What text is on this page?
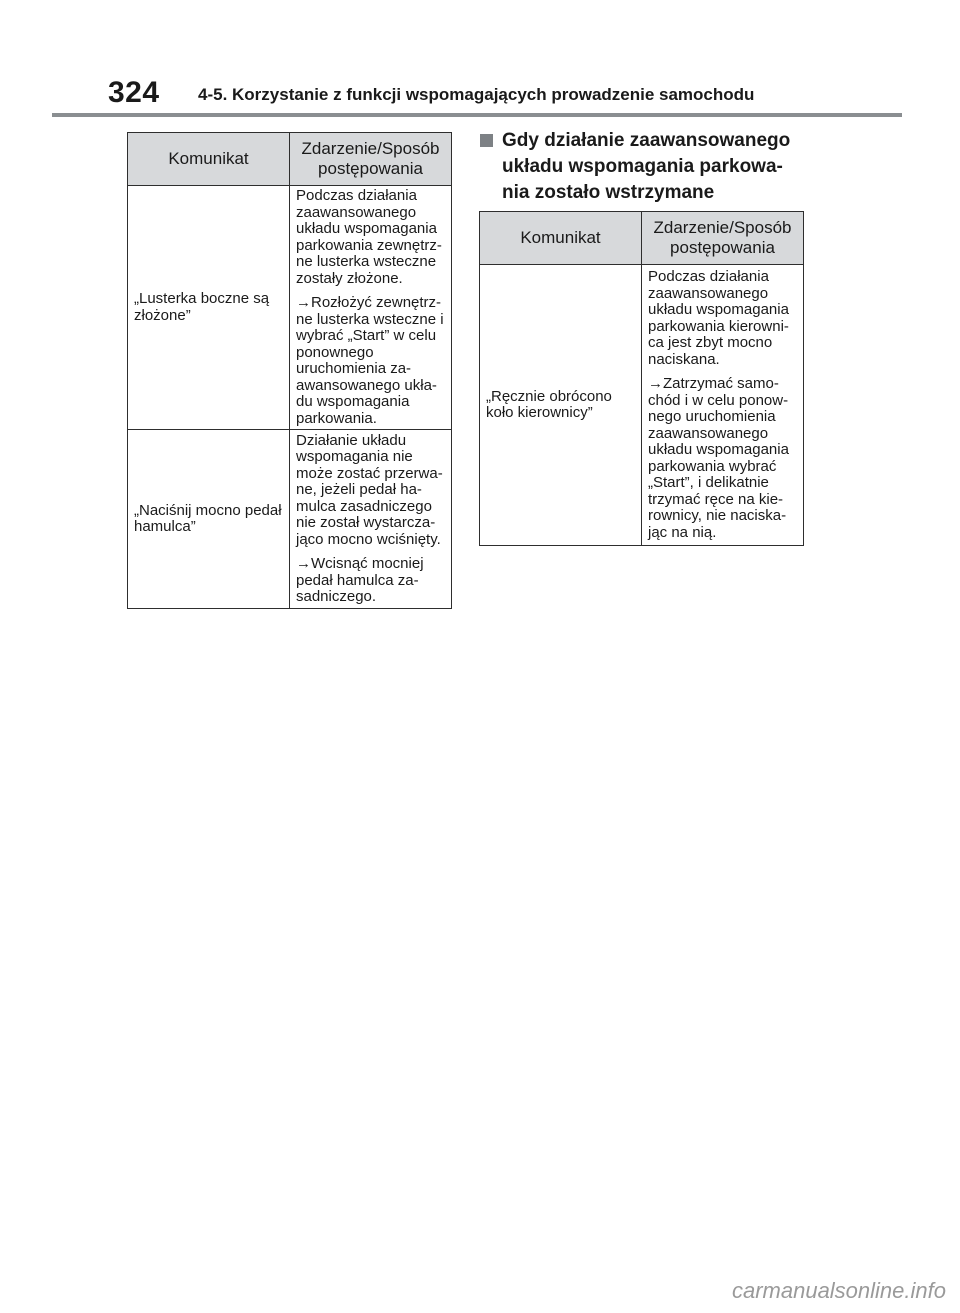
324 4-5. Korzystanie z funkcji wspomagających prowadzenie samochodu
Komunikat	Zdarzenie/Sposób postępowania
„Lusterka boczne są złożone”	Podczas działania zaawansowanego układu wspomagania parkowania zewnętrz-ne lusterka wsteczne zostały złożone.

→Rozłożyć zewnętrz-ne lusterka wsteczne i wybrać „Start” w celu ponownego uruchomienia za-awansowanego ukła-du wspomagania parkowania.

„Naciśnij mocno pedał hamulca”	Działanie układu wspomagania nie może zostać przerwa-ne, jeżeli pedał ha-mulca zasadniczego nie został wystarcza-jąco mocno wciśnięty.

→Wcisnąć mocniej pedał hamulca za-sadniczego.

Gdy działanie zaawansowanego układu wspomagania parkowa-nia zostało wstrzymane
Komunikat	Zdarzenie/Sposób postępowania
„Ręcznie obrócono koło kierownicy”	Podczas działania zaawansowanego układu wspomagania parkowania kierowni-ca jest zbyt mocno naciskana.

→Zatrzymać samo-chód i w celu ponow-nego uruchomienia zaawansowanego układu wspomagania parkowania wybrać „Start”, i delikatnie trzymać ręce na kie-rownicy, nie naciska-jąc na nią.

carmanualsonline.info
